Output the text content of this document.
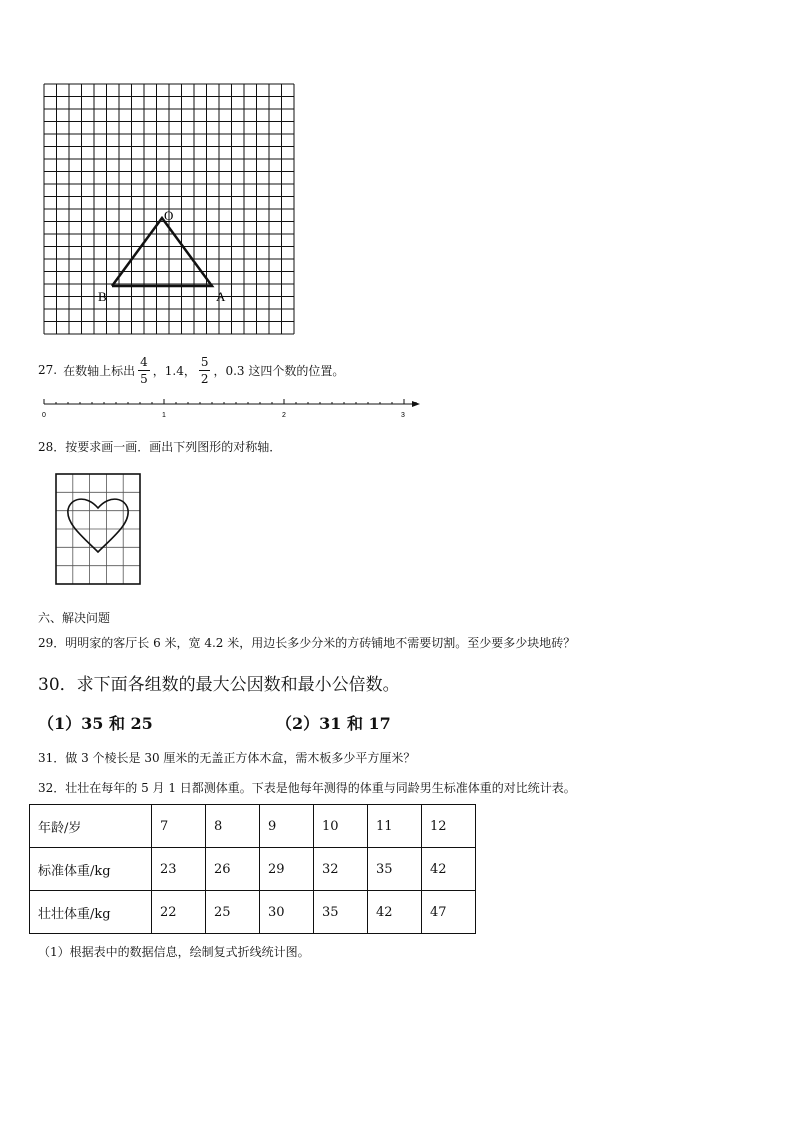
O
B	A
27. 在数轴上标出 $\frac{4}{5}$ ，1.4， $\frac{5}{2}$ ，0.3 这四个数的位置。
0	1	2	3
28．按要求画一画．画出下列图形的对称轴．
六、解决问题
29．明明家的客厅长 6 米，宽 4.2 米，用边长多少分米的方砖铺地不需要切割。至少要多少块地砖？
30．求下面各组数的最大公因数和最小公倍数。
（1）35 和 25	（2）31 和 17
31．做 3 个棱长是 30 厘米的无盖正方体木盒，需木板多少平方厘米？
32．壮壮在每年的 5 月 1 日都测体重。下表是他每年测得的体重与同龄男生标准体重的对比统计表。
年龄/岁	7	8	9	10	11	12
标准体重/kg	23	26	29	32	35	42
壮壮体重/kg	22	25	30	35	42	47
（1）根据表中的数据信息，绘制复式折线统计图。
